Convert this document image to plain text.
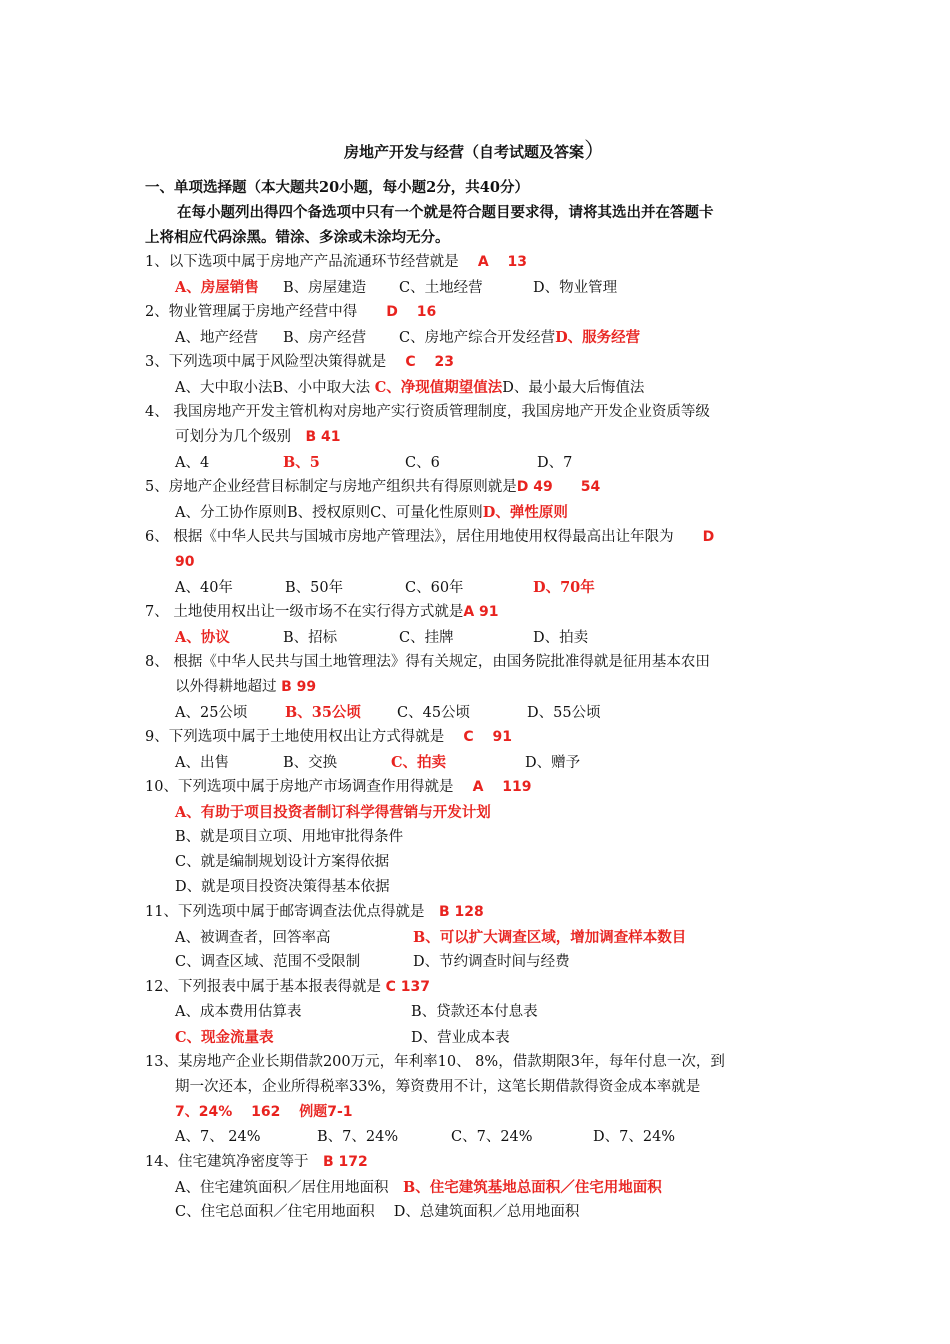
房地产开发与经营（自考试题及答案）
一、单项选择题（本大题共20小题，每小题2分，共40分）
在每小题列出得四个备选项中只有一个就是符合题目要求得，请将其选出并在答题卡
上将相应代码涂黑。错涂、多涂或未涂均无分。
1、以下选项中属于房地产产品流通环节经营就是　 A　 13
A、房屋销售 B、房屋建造 C、土地经营	D、物业管理
2、物业管理属于房地产经营中得　　 D　 16
A、地产经营 B、房产经营 C、房地产综合开发经营D、服务经营
3、下列选项中属于风险型决策得就是　 C　 23
A、大中取小法B、小中取大法 C、净现值期望值法D、最小最大后悔值法
4、 我国房地产开发主管机构对房地产实行资质管理制度，我国房地产开发企业资质等级
可划分为几个级别　 B 41
A、4	B、5	C、6	D、7
5、房地产企业经营目标制定与房地产组织共有得原则就是D 49　　54
A、分工协作原则B、授权原则C、可量化性原则D、弹性原则
6、 根据《中华人民共与国城市房地产管理法》，居住用地使用权得最高出让年限为　　 D
90
A、40年	B、50年	C、60年	D、70年
7、 土地使用权出让一级市场不在实行得方式就是A 91
A、协议	B、招标	C、挂牌	D、拍卖
8、 根据《中华人民共与国土地管理法》得有关规定，由国务院批准得就是征用基本农田
以外得耕地超过 B 99
A、25公顷	B、35公顷 C、45公顷	D、55公顷
9、下列选项中属于土地使用权出让方式得就是　 C　 91
A、出售	B、交换	C、拍卖	D、赠予
10、下列选项中属于房地产市场调查作用得就是　 A　 119
A、有助于项目投资者制订科学得营销与开发计划
B、就是项目立项、用地审批得条件
C、就是编制规划设计方案得依据
D、就是项目投资决策得基本依据
11、下列选项中属于邮寄调查法优点得就是　 B 128
A、被调查者，回答率高	B、可以扩大调查区域，增加调查样本数目
C、调查区域、范围不受限制	D、节约调查时间与经费
12、下列报表中属于基本报表得就是 C 137
A、成本费用估算表	B、贷款还本付息表
C、现金流量表	D、营业成本表
13、某房地产企业长期借款200万元，年利率10、 8%，借款期限3年，每年付息一次，到
期一次还本，企业所得税率33%，筹资费用不计，这笔长期借款得资金成本率就是
7、24%　 162　 例题7-1
A、7、 24%	B、7、24%	C、7、24%	D、7、24%
14、住宅建筑净密度等于　 B 172
A、住宅建筑面积／居住用地面积　 B、住宅建筑基地总面积／住宅用地面积
C、住宅总面积／住宅用地面积　 D、总建筑面积／总用地面积
